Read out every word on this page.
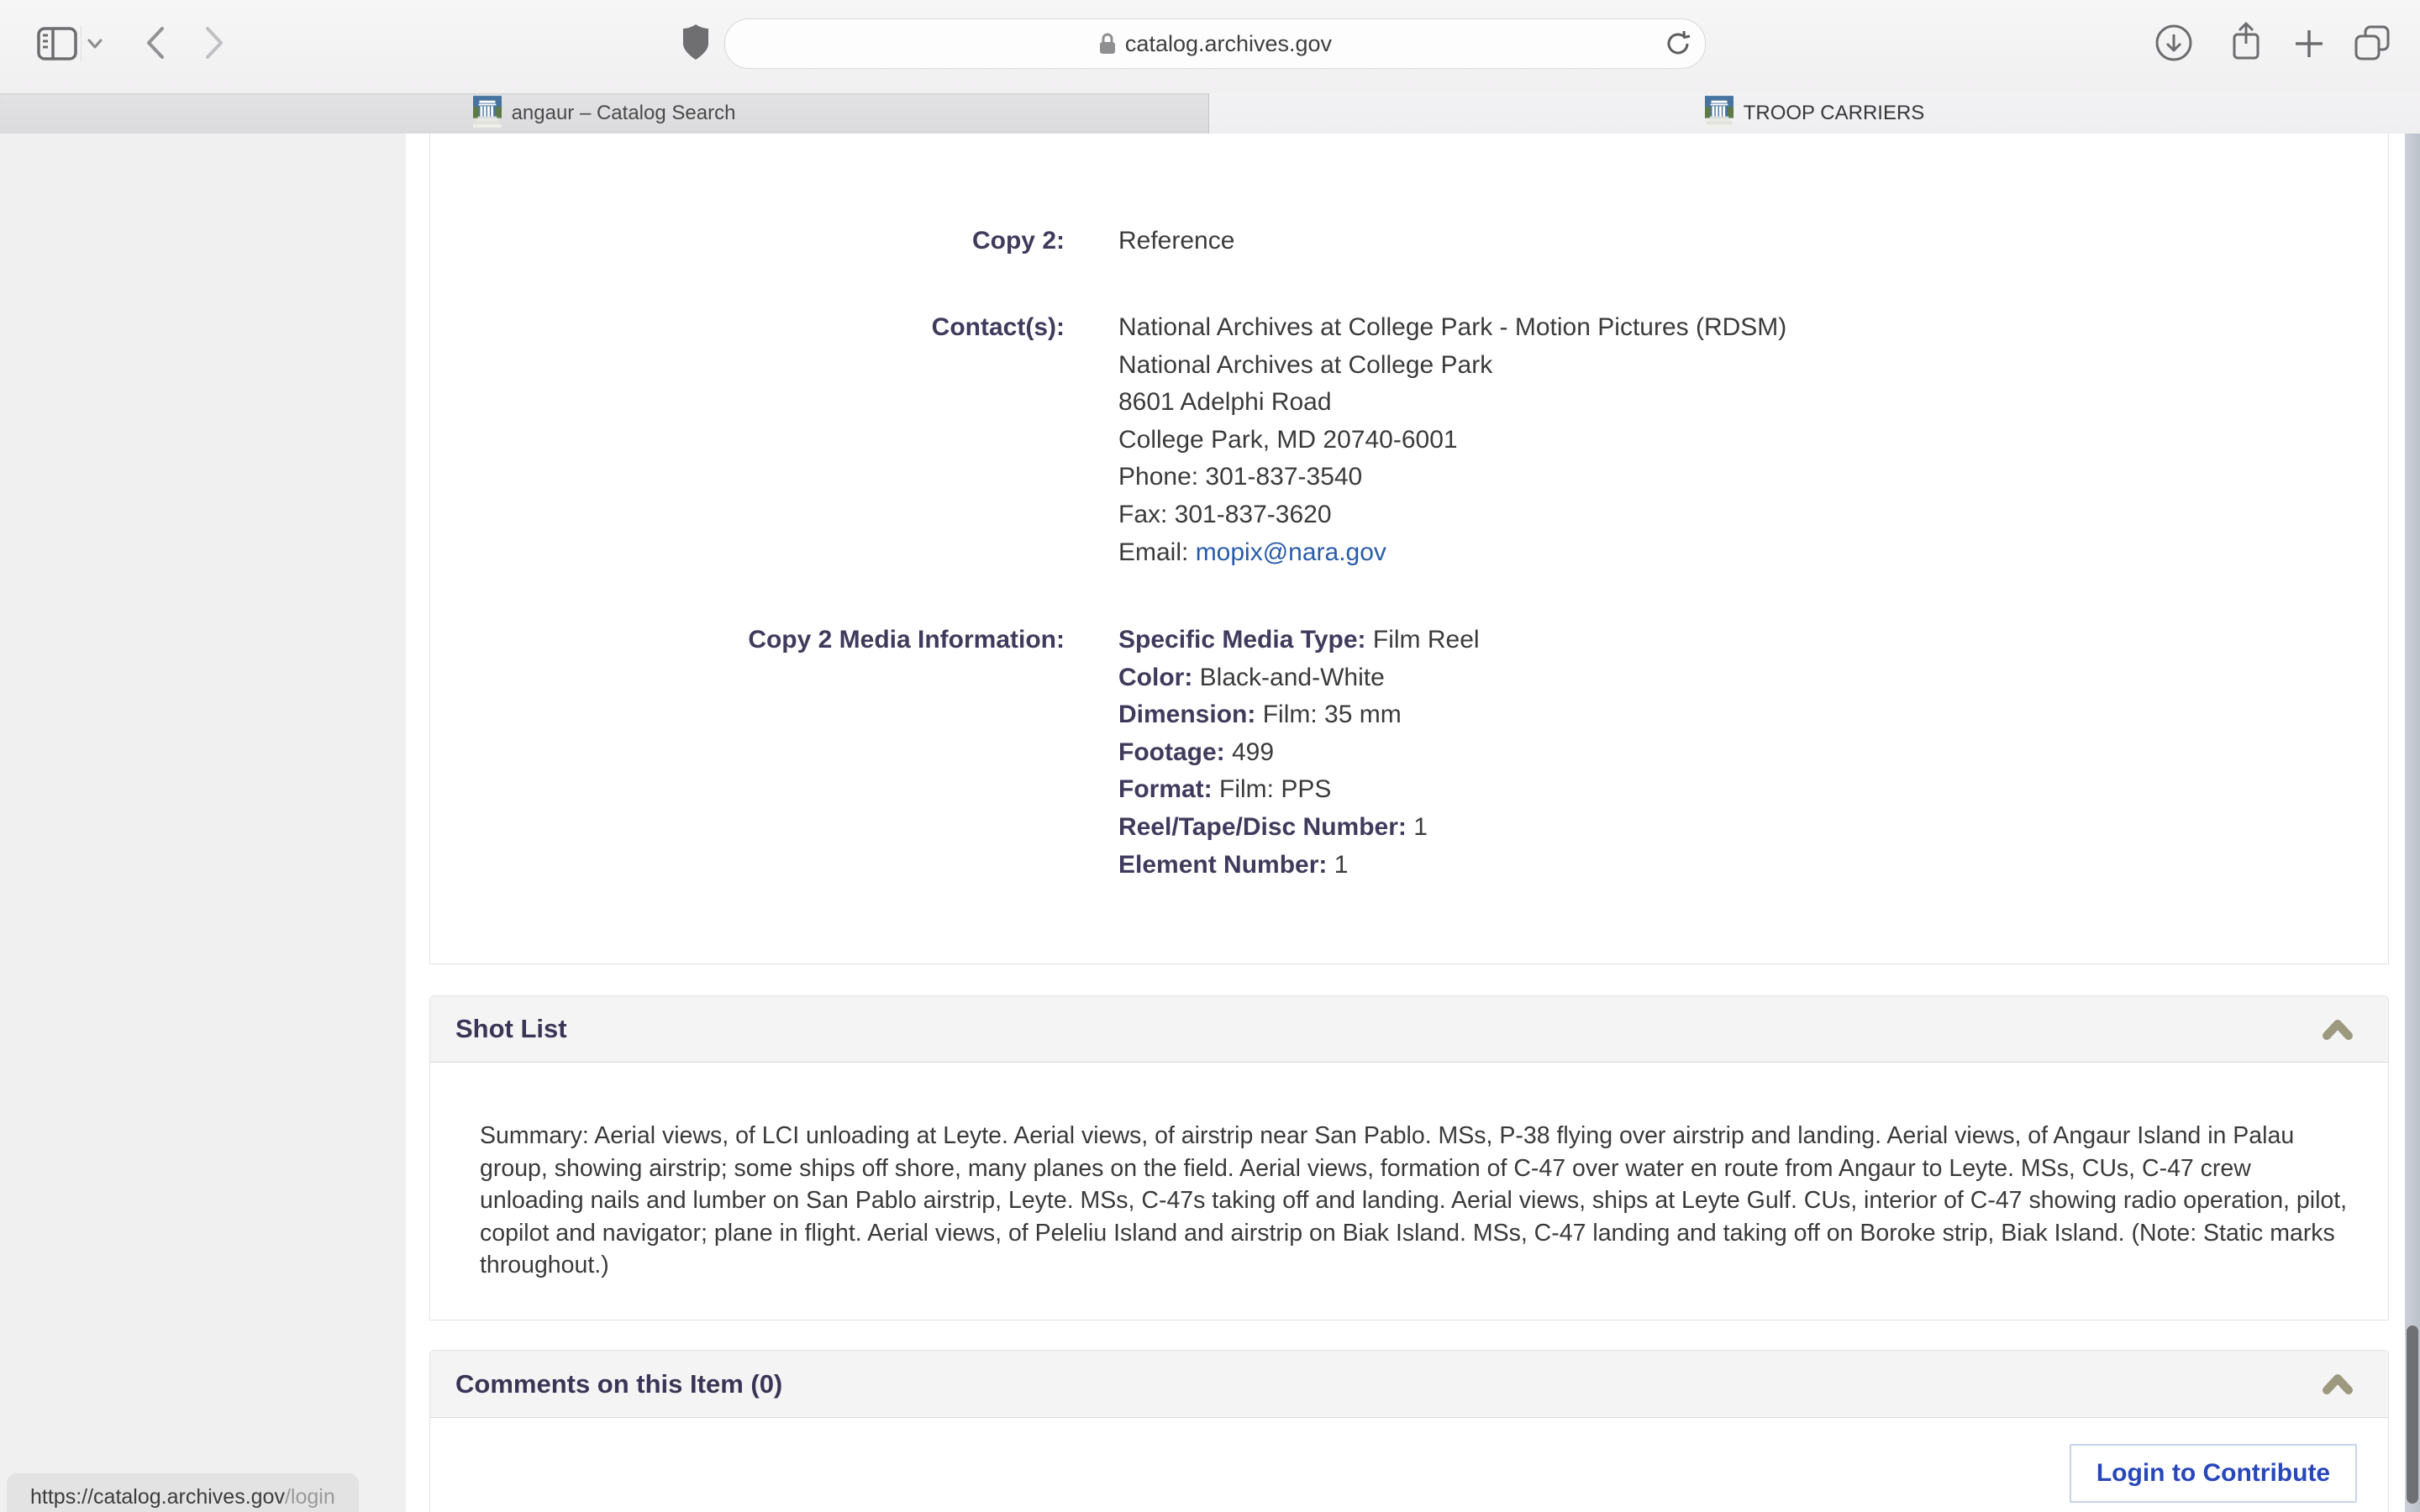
catalog.archives.gov
angaur – Catalog Search	TROOP CARRIERS
Copy 2: Reference
Contact(s): National Archives at College Park - Motion Pictures (RDSM)
National Archives at College Park
8601 Adelphi Road
College Park, MD 20740-6001
Phone: 301-837-3540
Fax: 301-837-3620
Email: mopix@nara.gov
Copy 2 Media Information: Specific Media Type: Film Reel
Color: Black-and-White
Dimension: Film: 35 mm
Footage: 499
Format: Film: PPS
Reel/Tape/Disc Number: 1
Element Number: 1
Shot List
Summary: Aerial views, of LCI unloading at Leyte. Aerial views, of airstrip near San Pablo. MSs, P-38 flying over airstrip and landing. Aerial views, of Angaur Island in Palau group, showing airstrip; some ships off shore, many planes on the field. Aerial views, formation of C-47 over water en route from Angaur to Leyte. MSs, CUs, C-47 crew unloading nails and lumber on San Pablo airstrip, Leyte. MSs, C-47s taking off and landing. Aerial views, ships at Leyte Gulf. CUs, interior of C-47 showing radio operation, pilot, copilot and navigator; plane in flight. Aerial views, of Peleliu Island and airstrip on Biak Island. MSs, C-47 landing and taking off on Boroke strip, Biak Island. (Note: Static marks throughout.)
Comments on this Item (0)
Login to Contribute
https://catalog.archives.gov /login
